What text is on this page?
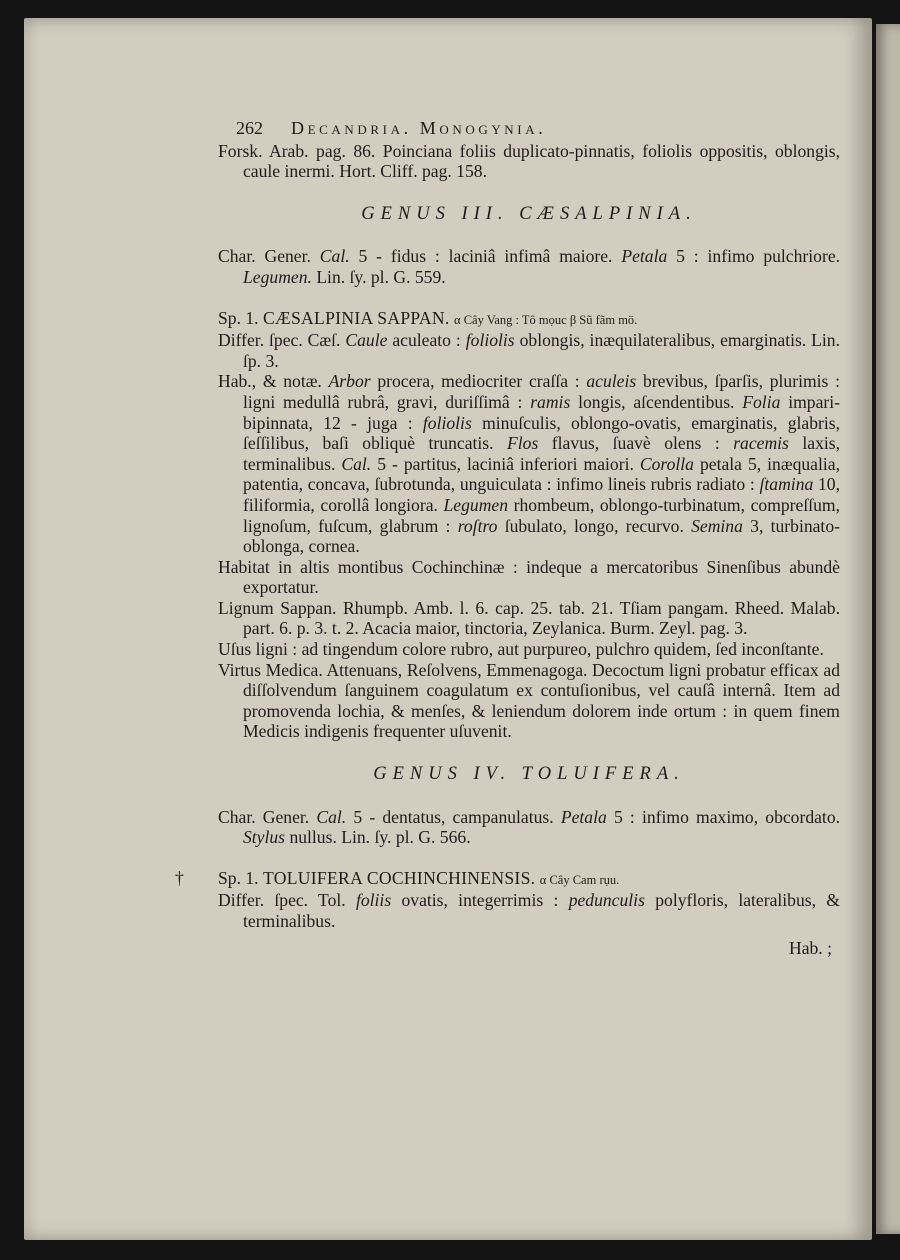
262 Decandria. Monogynia.

Forsk. Arab. pag. 86. Poinciana foliis duplicato-pinnatis, foliolis oppositis, oblongis, caule inermi. Hort. Cliff. pag. 158.

GENUS III. CÆSALPINIA.

Char. Gener. Cal. 5 - fidus : laciniâ infimâ maiore. Petala 5 : infimo pulchriore. Legumen. Lin. ſy. pl. G. 559.

Sp. 1. CÆSALPINIA SAPPAN. α Cây Vang : Tô mọuc β Sũ fãm mö.

Differ. ſpec. Cæſ. Caule aculeato : foliolis oblongis, inæquilateralibus, emarginatis. Lin. ſp. 3.

Hab., & notæ. Arbor procera, mediocriter craſſa : aculeis brevibus, ſparſis, plurimis : ligni medullâ rubrâ, gravi, duriſſimâ : ramis longis, aſcendentibus. Folia impari-bipinnata, 12 - juga : foliolis minuſculis, oblongo-ovatis, emarginatis, glabris, ſeſſilibus, baſi obliquè truncatis. Flos flavus, ſuavè olens : racemis laxis, terminalibus. Cal. 5 - partitus, laciniâ inferiori maiori. Corolla petala 5, inæqualia, patentia, concava, ſubrotunda, unguiculata : infimo lineis rubris radiato : ſtamina 10, filiformia, corollâ longiora. Legumen rhombeum, oblongo-turbinatum, compreſſum, lignoſum, fuſcum, glabrum : roſtro ſubulato, longo, recurvo. Semina 3, turbinato-oblonga, cornea.

Habitat in altis montibus Cochinchinæ : indeque a mercatoribus Sinenſibus abundè exportatur.

Lignum Sappan. Rhumpb. Amb. l. 6. cap. 25. tab. 21. Tſiam pangam. Rheed. Malab. part. 6. p. 3. t. 2. Acacia maior, tinctoria, Zeylanica. Burm. Zeyl. pag. 3.

Uſus ligni : ad tingendum colore rubro, aut purpureo, pulchro quidem, ſed inconſtante.

Virtus Medica. Attenuans, Reſolvens, Emmenagoga. Decoctum ligni probatur efficax ad diſſolvendum ſanguinem coagulatum ex contuſionibus, vel cauſâ internâ. Item ad promovenda lochia, & menſes, & leniendum dolorem inde ortum : in quem finem Medicis indigenis frequenter uſuvenit.

GENUS IV. TOLUIFERA.

Char. Gener. Cal. 5 - dentatus, campanulatus. Petala 5 : infimo maximo, obcordato. Stylus nullus. Lin. ſy. pl. G. 566.

Sp. 1. TOLUIFERA COCHINCHINENSIS. α Cây Cam rụu.

Differ. ſpec. Tol. foliis ovatis, integerrimis : pedunculis polyfloris, lateralibus, & terminalibus.

Hab. ;
